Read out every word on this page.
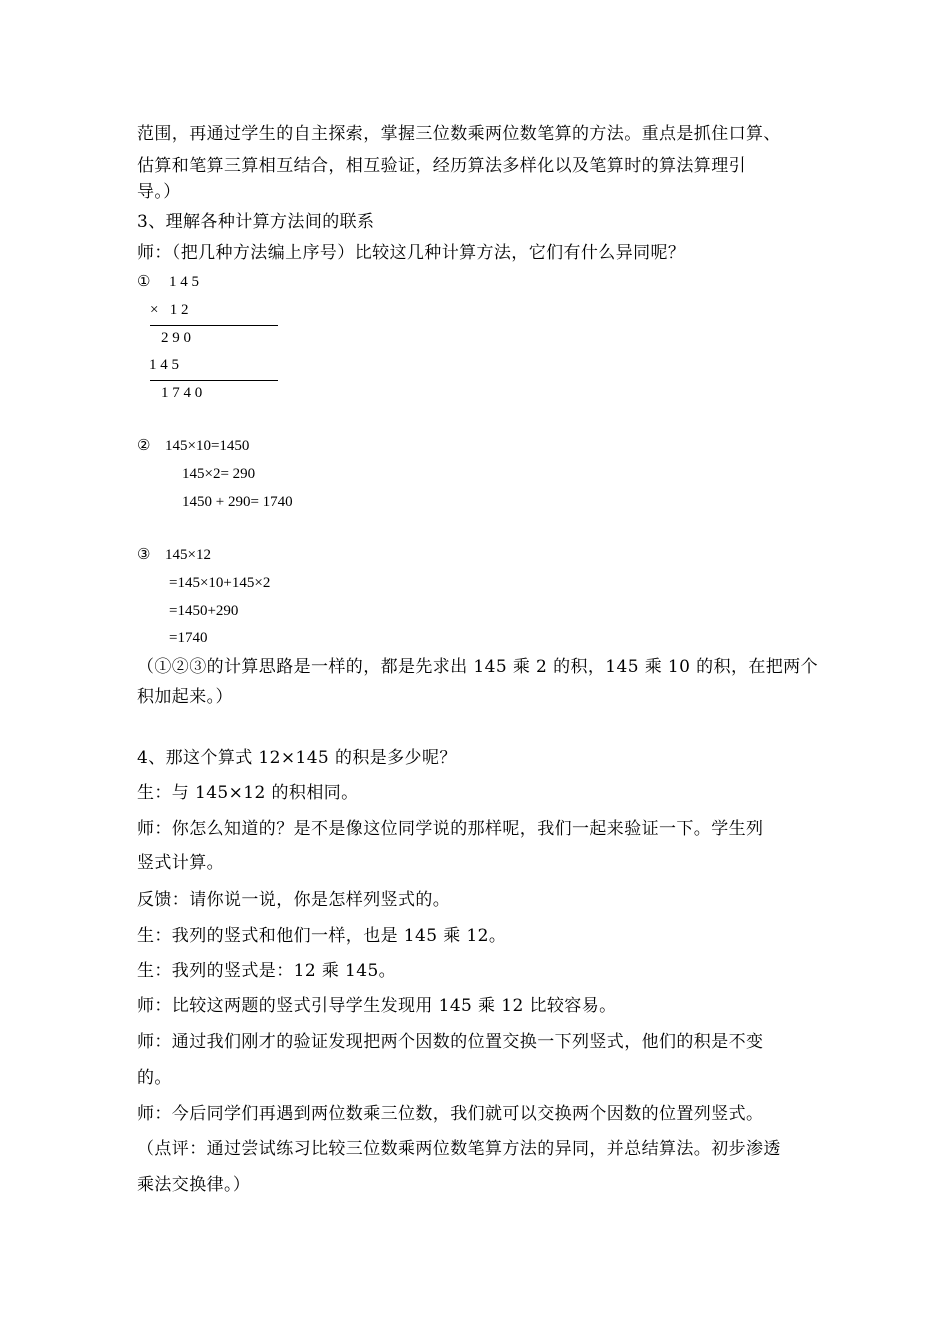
范围，再通过学生的自主探索，掌握三位数乘两位数笔算的方法。重点是抓住口算、
估算和笔算三算相互结合，相互验证，经历算法多样化以及笔算时的算法算理引
导。）
3、理解各种计算方法间的联系
师：（把几种方法编上序号）比较这几种计算方法，它们有什么异同呢？
① 1 4 5
×   1 2
2 9 0
1 4 5
1 7 4 0
② 145×10=1450
145×2= 290
1450 + 290= 1740
③ 145×12
=145×10+145×2
=1450+290
=1740
（①②③的计算思路是一样的，都是先求出 145 乘 2 的积，145 乘 10 的积，在把两个
积加起来。）
4、那这个算式 12×145 的积是多少呢？
生：与 145×12 的积相同。
师：你怎么知道的？是不是像这位同学说的那样呢，我们一起来验证一下。学生列
竖式计算。
反馈：请你说一说，你是怎样列竖式的。
生：我列的竖式和他们一样，也是 145 乘 12。
生：我列的竖式是：12 乘 145。
师：比较这两题的竖式引导学生发现用 145 乘 12 比较容易。
师：通过我们刚才的验证发现把两个因数的位置交换一下列竖式，他们的积是不变
的。
师：今后同学们再遇到两位数乘三位数，我们就可以交换两个因数的位置列竖式。
（点评：通过尝试练习比较三位数乘两位数笔算方法的异同，并总结算法。初步渗透
乘法交换律。）
